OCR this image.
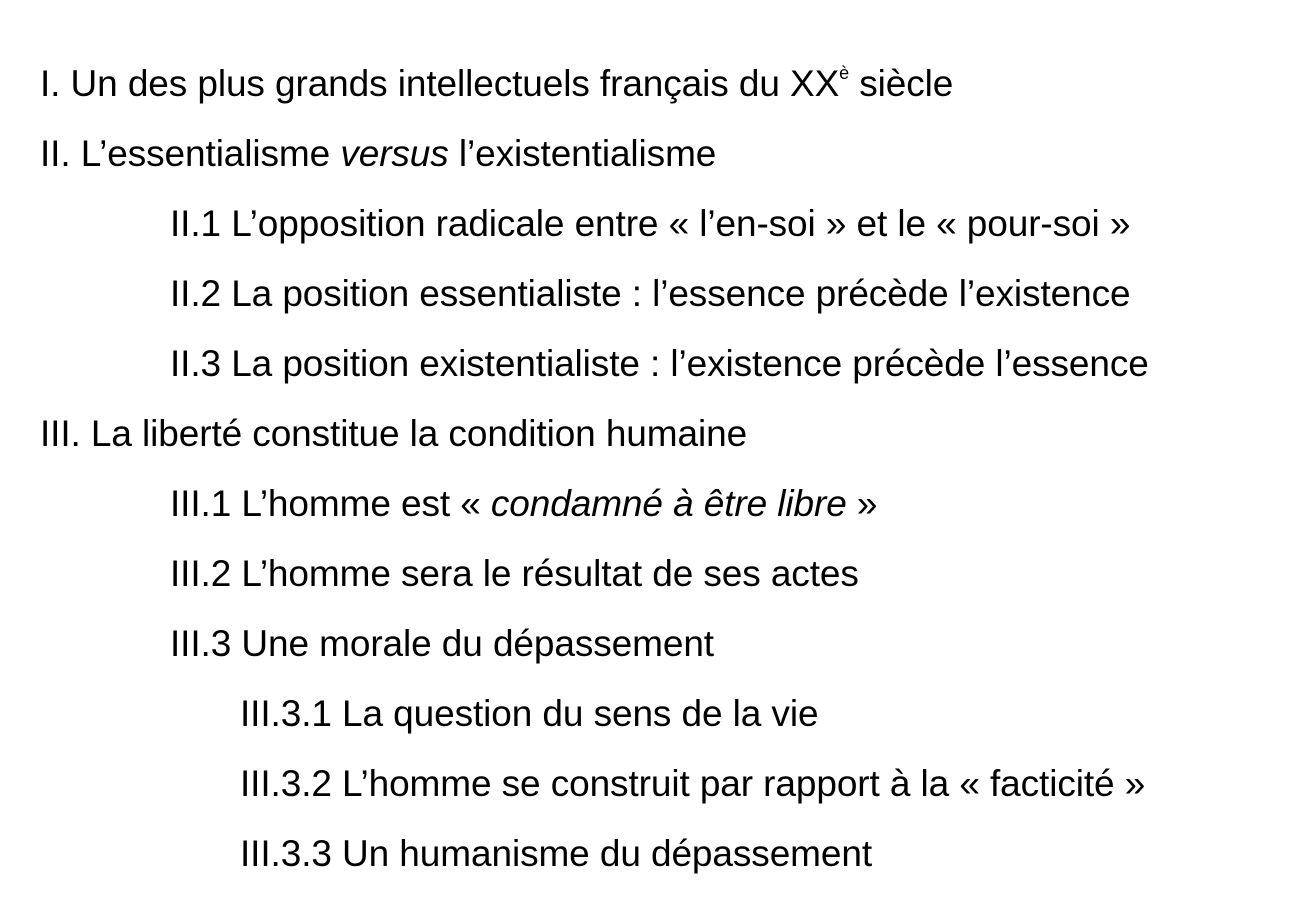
I. Un des plus grands intellectuels français du $XX^è$ siècle
II. L’essentialisme versus l’existentialisme
II.1 L’opposition radicale entre « l’en-soi » et le « pour-soi »
II.2 La position essentialiste : l’essence précède l’existence
II.3 La position existentialiste : l’existence précède l’essence
III. La liberté constitue la condition humaine
III.1 L’homme est « condamné à être libre »
III.2 L’homme sera le résultat de ses actes
III.3 Une morale du dépassement
III.3.1 La question du sens de la vie
III.3.2 L’homme se construit par rapport à la « facticité »
III.3.3 Un humanisme du dépassement
